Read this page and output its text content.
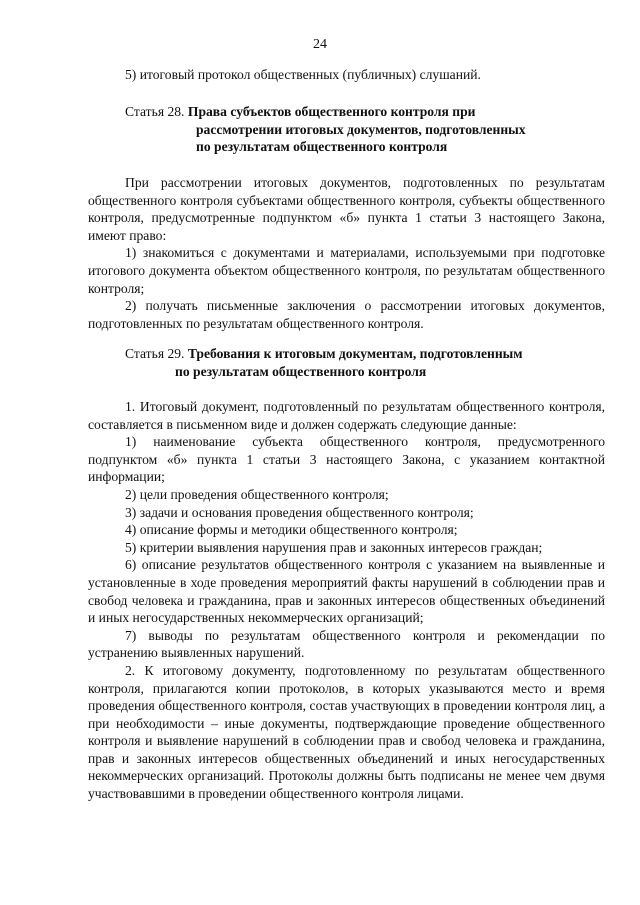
24

5) итоговый протокол общественных (публичных) слушаний.

Статья 28. Права субъектов общественного контроля при
рассмотрении итоговых документов, подготовленных
по результатам общественного контроля

При рассмотрении итоговых документов, подготовленных по результатам общественного контроля субъектами общественного контроля, субъекты общественного контроля, предусмотренные подпунктом «б» пункта 1 статьи 3 настоящего Закона, имеют право:

1) знакомиться с документами и материалами, используемыми при подготовке итогового документа объектом общественного контроля, по результатам общественного контроля;

2) получать письменные заключения о рассмотрении итоговых документов, подготовленных по результатам общественного контроля.

Статья 29. Требования к итоговым документам, подготовленным
по результатам общественного контроля

1. Итоговый документ, подготовленный по результатам общественного контроля, составляется в письменном виде и должен содержать следующие данные:

1) наименование субъекта общественного контроля, предусмотренного подпунктом «б» пункта 1 статьи 3 настоящего Закона, с указанием контактной информации;

2) цели проведения общественного контроля;

3) задачи и основания проведения общественного контроля;

4) описание формы и методики общественного контроля;

5) критерии выявления нарушения прав и законных интересов граждан;

6) описание результатов общественного контроля с указанием на выявленные и установленные в ходе проведения мероприятий факты нарушений в соблюдении прав и свобод человека и гражданина, прав и законных интересов общественных объединений и иных негосударственных некоммерческих организаций;

7) выводы по результатам общественного контроля и рекомендации по устранению выявленных нарушений.

2. К итоговому документу, подготовленному по результатам общественного контроля, прилагаются копии протоколов, в которых указываются место и время проведения общественного контроля, состав участвующих в проведении контроля лиц, а при необходимости – иные документы, подтверждающие проведение общественного контроля и выявление нарушений в соблюдении прав и свобод человека и гражданина, прав и законных интересов общественных объединений и иных негосударственных некоммерческих организаций. Протоколы должны быть подписаны не менее чем двумя участвовавшими в проведении общественного контроля лицами.
